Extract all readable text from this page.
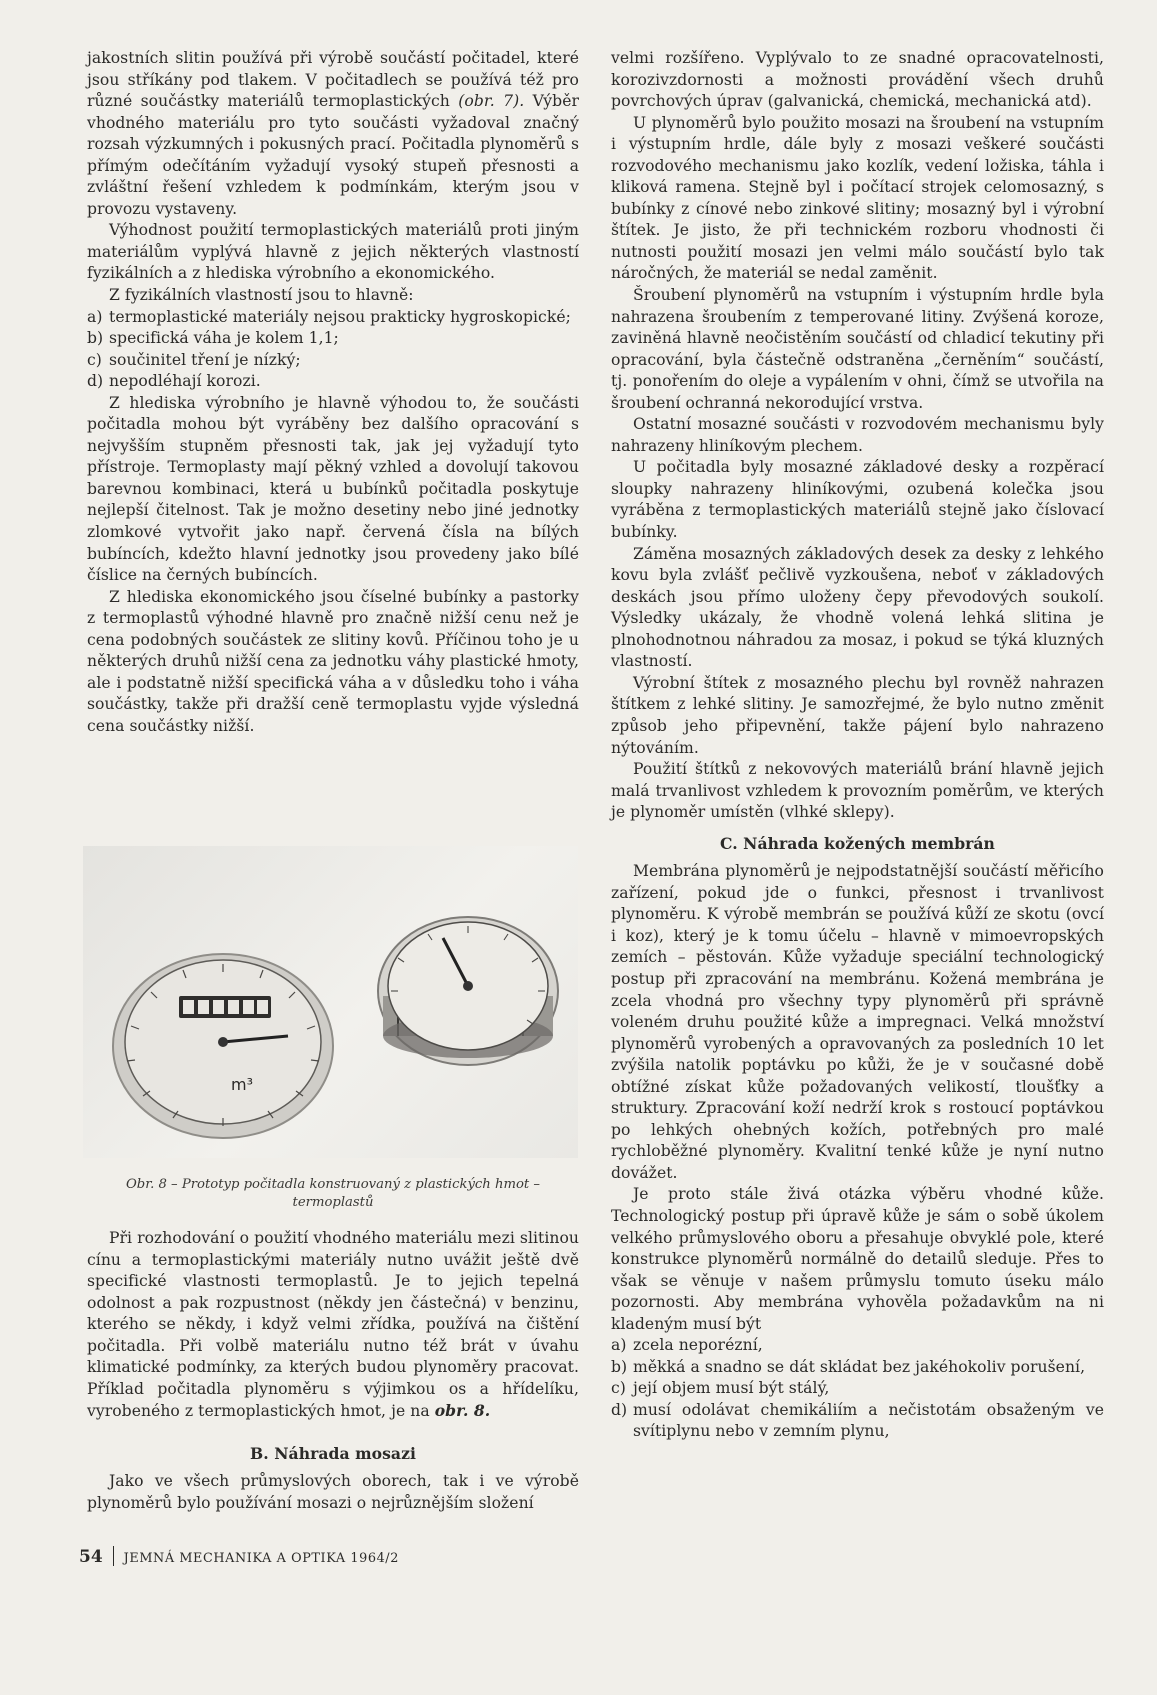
jakostních slitin používá při výrobě součástí počitadel, které jsou stříkány pod tlakem. V počitadlech se používá též pro různé součástky materiálů termoplastických (obr. 7). Výběr vhodného materiálu pro tyto součásti vyžadoval značný rozsah výzkumných i pokusných prací. Počitadla plynoměrů s přímým odečítáním vyžadují vysoký stupeň přesnosti a zvláštní řešení vzhledem k podmínkám, kterým jsou v provozu vystaveny.

Výhodnost použití termoplastických materiálů proti jiným materiálům vyplývá hlavně z jejich některých vlastností fyzikálních a z hlediska výrobního a ekonomického.

Z fyzikálních vlastností jsou to hlavně:

a) termoplastické materiály nejsou prakticky hygroskopické;
b) specifická váha je kolem 1,1;
c) součinitel tření je nízký;
d) nepodléhají korozi.

Z hlediska výrobního je hlavně výhodou to, že součásti počitadla mohou být vyráběny bez dalšího opracování s nejvyšším stupněm přesnosti tak, jak jej vyžadují tyto přístroje. Termoplasty mají pěkný vzhled a dovolují takovou barevnou kombinaci, která u bubínků počitadla poskytuje nejlepší čitelnost. Tak je možno desetiny nebo jiné jednotky zlomkové vytvořit jako např. červená čísla na bílých bubíncích, kdežto hlavní jednotky jsou provedeny jako bílé číslice na černých bubíncích.

Z hlediska ekonomického jsou číselné bubínky a pastorky z termoplastů výhodné hlavně pro značně nižší cenu než je cena podobných součástek ze slitiny kovů. Příčinou toho je u některých druhů nižší cena za jednotku váhy plastické hmoty, ale i podstatně nižší specifická váha a v důsledku toho i váha součástky, takže při dražší ceně termoplastu vyjde výsledná cena součástky nižší.

m³
Obr. 8 – Prototyp počitadla konstruovaný z plastických hmot – termoplastů

Při rozhodování o použití vhodného materiálu mezi slitinou cínu a termoplastickými materiály nutno uvážit ještě dvě specifické vlastnosti termoplastů. Je to jejich tepelná odolnost a pak rozpustnost (někdy jen částečná) v benzinu, kterého se někdy, i když velmi zřídka, používá na čištění počitadla. Při volbě materiálu nutno též brát v úvahu klimatické podmínky, za kterých budou plynoměry pracovat. Příklad počitadla plynoměru s výjimkou os a hřídelíku, vyrobeného z termoplastických hmot, je na obr. 8.

B. Náhrada mosazi

Jako ve všech průmyslových oborech, tak i ve výrobě plynoměrů bylo používání mosazi o nejrůznějším složení

velmi rozšířeno. Vyplývalo to ze snadné opracovatelnosti, korozivzdornosti a možnosti provádění všech druhů povrchových úprav (galvanická, chemická, mechanická atd).

U plynoměrů bylo použito mosazi na šroubení na vstupním i výstupním hrdle, dále byly z mosazi veškeré součásti rozvodového mechanismu jako kozlík, vedení ložiska, táhla i kliková ramena. Stejně byl i počítací strojek celomosazný, s bubínky z cínové nebo zinkové slitiny; mosazný byl i výrobní štítek. Je jisto, že při technickém rozboru vhodnosti či nutnosti použití mosazi jen velmi málo součástí bylo tak náročných, že materiál se nedal zaměnit.

Šroubení plynoměrů na vstupním i výstupním hrdle byla nahrazena šroubením z temperované litiny. Zvýšená koroze, zaviněná hlavně neočistěním součástí od chladicí tekutiny při opracování, byla částečně odstraněna „černěním“ součástí, tj. ponořením do oleje a vypálením v ohni, čímž se utvořila na šroubení ochranná nekorodující vrstva.

Ostatní mosazné součásti v rozvodovém mechanismu byly nahrazeny hliníkovým plechem.

U počitadla byly mosazné základové desky a rozpěrací sloupky nahrazeny hliníkovými, ozubená kolečka jsou vyráběna z termoplastických materiálů stejně jako číslovací bubínky.

Záměna mosazných základových desek za desky z lehkého kovu byla zvlášť pečlivě vyzkoušena, neboť v základových deskách jsou přímo uloženy čepy převodových soukolí. Výsledky ukázaly, že vhodně volená lehká slitina je plnohodnotnou náhradou za mosaz, i pokud se týká kluzných vlastností.

Výrobní štítek z mosazného plechu byl rovněž nahrazen štítkem z lehké slitiny. Je samozřejmé, že bylo nutno změnit způsob jeho připevnění, takže pájení bylo nahrazeno nýtováním.

Použití štítků z nekovových materiálů brání hlavně jejich malá trvanlivost vzhledem k provozním poměrům, ve kterých je plynoměr umístěn (vlhké sklepy).

C. Náhrada kožených membrán

Membrána plynoměrů je nejpodstatnější součástí měřicího zařízení, pokud jde o funkci, přesnost i trvanlivost plynoměru. K výrobě membrán se používá kůží ze skotu (ovcí i koz), který je k tomu účelu – hlavně v mimoevropských zemích – pěstován. Kůže vyžaduje speciální technologický postup při zpracování na membránu. Kožená membrána je zcela vhodná pro všechny typy plynoměrů při správně voleném druhu použité kůže a impregnaci. Velká množství plynoměrů vyrobených a opravovaných za posledních 10 let zvýšila natolik poptávku po kůži, že je v současné době obtížné získat kůže požadovaných velikostí, tloušťky a struktury. Zpracování koží nedrží krok s rostoucí poptávkou po lehkých ohebných kožích, potřebných pro malé rychloběžné plynoměry. Kvalitní tenké kůže je nyní nutno dovážet.

Je proto stále živá otázka výběru vhodné kůže. Technologický postup při úpravě kůže je sám o sobě úkolem velkého průmyslového oboru a přesahuje obvyklé pole, které konstrukce plynoměrů normálně do detailů sleduje. Přes to však se věnuje v našem průmyslu tomuto úseku málo pozornosti. Aby membrána vyhověla požadavkům na ni kladeným musí být

a) zcela neporézní,
b) měkká a snadno se dát skládat bez jakéhokoliv porušení,
c) její objem musí být stálý,
d) musí odolávat chemikáliím a nečistotám obsaženým ve svítiplynu nebo v zemním plynu,
54 JEMNÁ MECHANIKA A OPTIKA 1964/2
